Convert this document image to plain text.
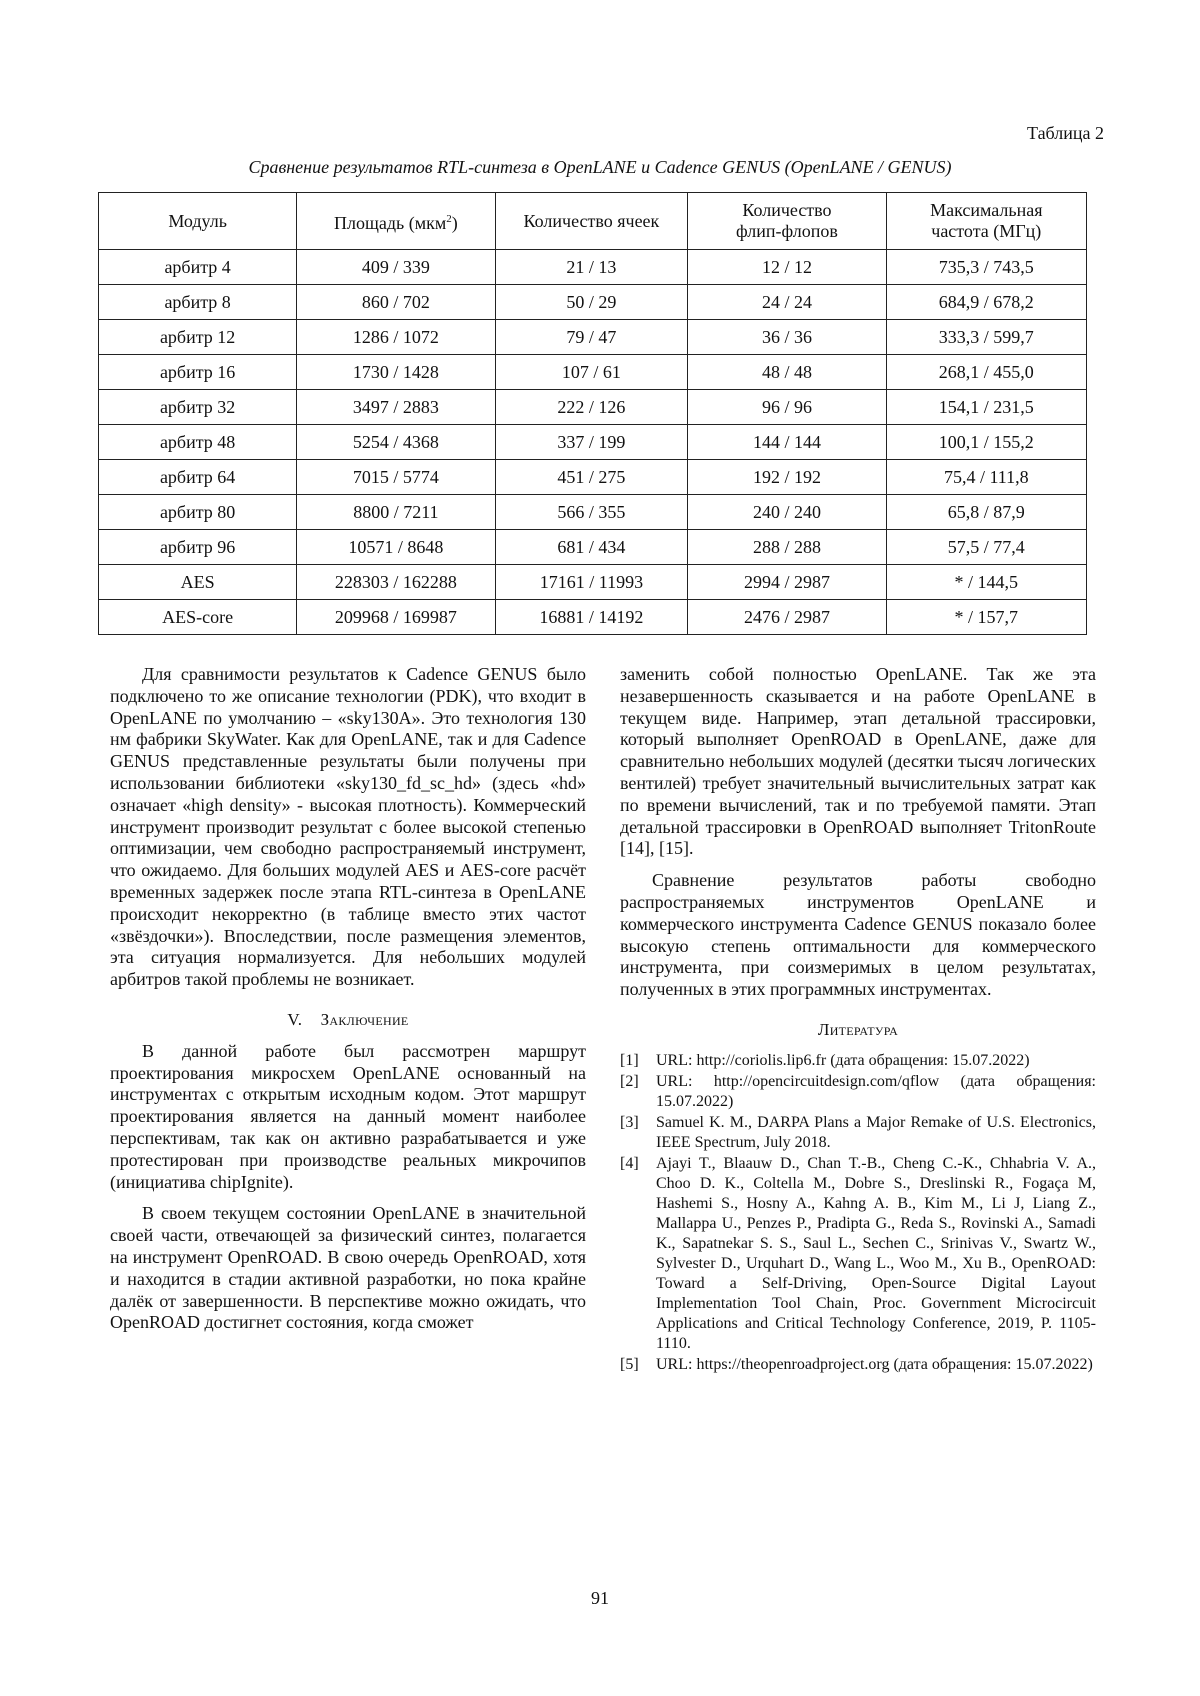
Таблица 2
Сравнение результатов RTL-синтеза в OpenLANE и Cadence GENUS (OpenLANE / GENUS)
Модуль	Площадь (мкм$^2$)	Количество ячеек	Количество флип-флопов	Максимальная частота (МГц)
арбитр 4	409 / 339	21 / 13	12 / 12	735,3 / 743,5
арбитр 8	860 / 702	50 / 29	24 / 24	684,9 / 678,2
арбитр 12	1286 / 1072	79 / 47	36 / 36	333,3 / 599,7
арбитр 16	1730 / 1428	107 / 61	48 / 48	268,1 / 455,0
арбитр 32	3497 / 2883	222 / 126	96 / 96	154,1 / 231,5
арбитр 48	5254 / 4368	337 / 199	144 / 144	100,1 / 155,2
арбитр 64	7015 / 5774	451 / 275	192 / 192	75,4 / 111,8
арбитр 80	8800 / 7211	566 / 355	240 / 240	65,8 / 87,9
арбитр 96	10571 / 8648	681 / 434	288 / 288	57,5 / 77,4
AES	228303 / 162288	17161 / 11993	2994 / 2987	* / 144,5
AES-core	209968 / 169987	16881 / 14192	2476 / 2987	* / 157,7

Для сравнимости результатов к Cadence GENUS было подключено то же описание технологии (PDK), что входит в OpenLANE по умолчанию – «sky130A». Это технология 130 нм фабрики SkyWater. Как для OpenLANE, так и для Cadence GENUS представленные результаты были получены при использовании библиотеки «sky130_fd_sc_hd» (здесь «hd» означает «high density» - высокая плотность). Коммерческий инструмент производит результат с более высокой степенью оптимизации, чем свободно распространяемый инструмент, что ожидаемо. Для больших модулей AES и AES-core расчёт временных задержек после этапа RTL-синтеза в OpenLANE происходит некорректно (в таблице вместо этих частот «звёздочки»). Впоследствии, после размещения элементов, эта ситуация нормализуется. Для небольших модулей арбитров такой проблемы не возникает.

V. Заключение

В данной работе был рассмотрен маршрут проектирования микросхем OpenLANE основанный на инструментах с открытым исходным кодом. Этот маршрут проектирования является на данный момент наиболее перспективам, так как он активно разрабатывается и уже протестирован при производстве реальных микрочипов (инициатива chipIgnite).

В своем текущем состоянии OpenLANE в значительной своей части, отвечающей за физический синтез, полагается на инструмент OpenROAD. В свою очередь OpenROAD, хотя и находится в стадии активной разработки, но пока крайне далёк от завершенности. В перспективе можно ожидать, что OpenROAD достигнет состояния, когда сможет

заменить собой полностью OpenLANE. Так же эта незавершенность сказывается и на работе OpenLANE в текущем виде. Например, этап детальной трассировки, который выполняет OpenROAD в OpenLANE, даже для сравнительно небольших модулей (десятки тысяч логических вентилей) требует значительный вычислительных затрат как по времени вычислений, так и по требуемой памяти. Этап детальной трассировки в OpenROAD выполняет TritonRoute [14], [15].

Сравнение результатов работы свободно распространяемых инструментов OpenLANE и коммерческого инструмента Cadence GENUS показало более высокую степень оптимальности для коммерческого инструмента, при соизмеримых в целом результатах, полученных в этих программных инструментах.

Литература
[1]	URL: http://coriolis.lip6.fr (дата обращения: 15.07.2022)
[2]	URL: http://opencircuitdesign.com/qflow (дата обращения: 15.07.2022)
[3]	Samuel K. M., DARPA Plans a Major Remake of U.S. Electronics, IEEE Spectrum, July 2018.
[4]	Ajayi T., Blaauw D., Chan T.-B., Cheng C.-K., Chhabria V. A., Choo D. K., Coltella M., Dobre S., Dreslinski R., Fogaça M, Hashemi S., Hosny A., Kahng A. B., Kim M., Li J, Liang Z., Mallappa U., Penzes P., Pradipta G., Reda S., Rovinski A., Samadi K., Sapatnekar S. S., Saul L., Sechen C., Srinivas V., Swartz W., Sylvester D., Urquhart D., Wang L., Woo M., Xu B., OpenROAD: Toward a Self-Driving, Open-Source Digital Layout Implementation Tool Chain, Proc. Government Microcircuit Applications and Critical Technology Conference, 2019, P. 1105-1110.
[5]	URL: https://theopenroadproject.org (дата обращения: 15.07.2022)
91
